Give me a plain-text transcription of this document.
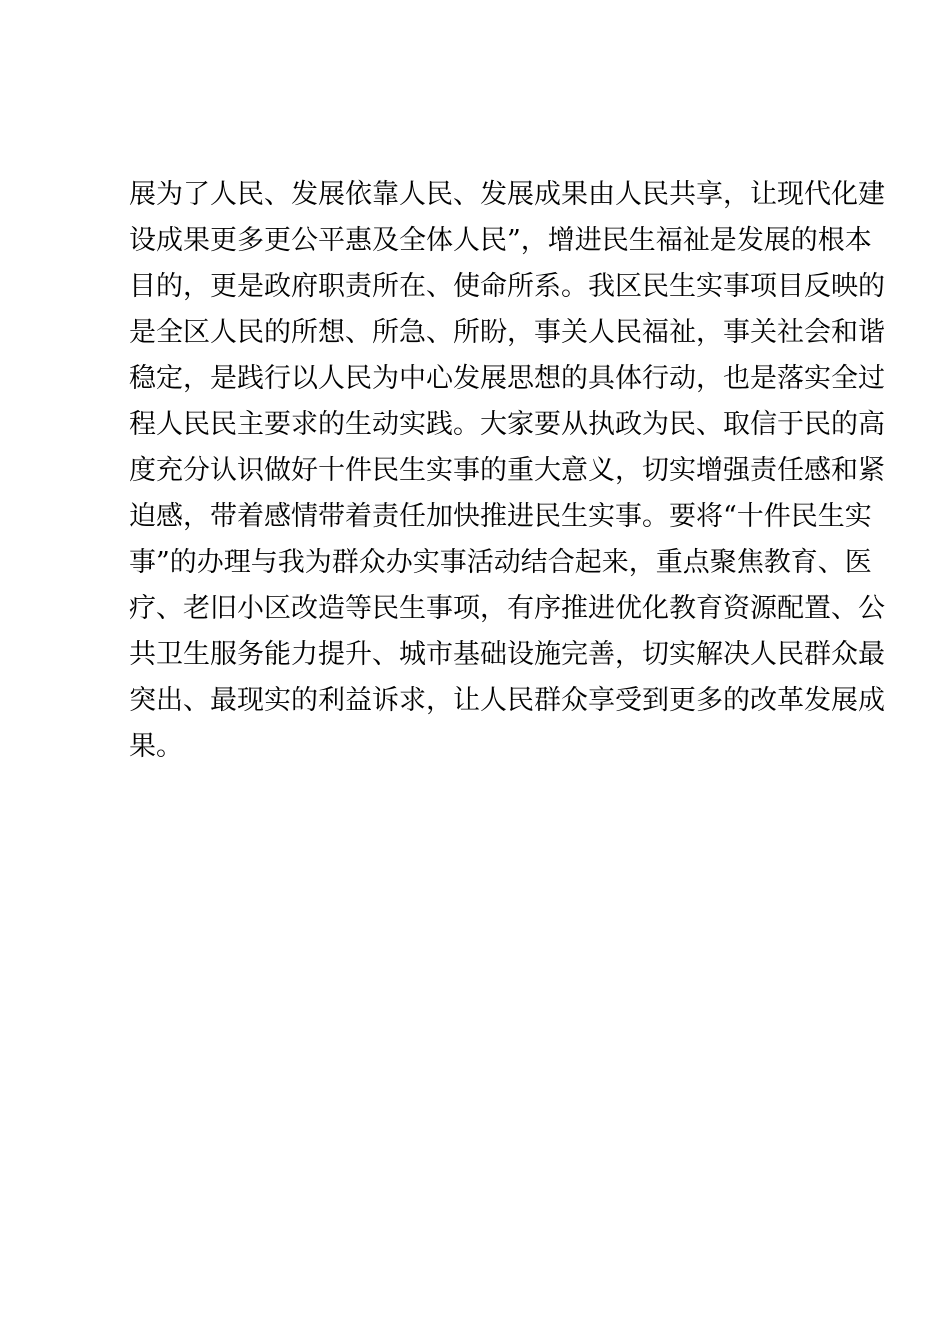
展为了人民、发展依靠人民、发展成果由人民共享，让现代化建
设成果更多更公平惠及全体人民”，增进民生福祉是发展的根本
目的，更是政府职责所在、使命所系。我区民生实事项目反映的
是全区人民的所想、所急、所盼，事关人民福祉，事关社会和谐
稳定，是践行以人民为中心发展思想的具体行动，也是落实全过
程人民民主要求的生动实践。大家要从执政为民、取信于民的高
度充分认识做好十件民生实事的重大意义，切实增强责任感和紧
迫感，带着感情带着责任加快推进民生实事。要将“十件民生实
事”的办理与我为群众办实事活动结合起来，重点聚焦教育、医
疗、老旧小区改造等民生事项，有序推进优化教育资源配置、公
共卫生服务能力提升、城市基础设施完善，切实解决人民群众最
突出、最现实的利益诉求，让人民群众享受到更多的改革发展成
果。
